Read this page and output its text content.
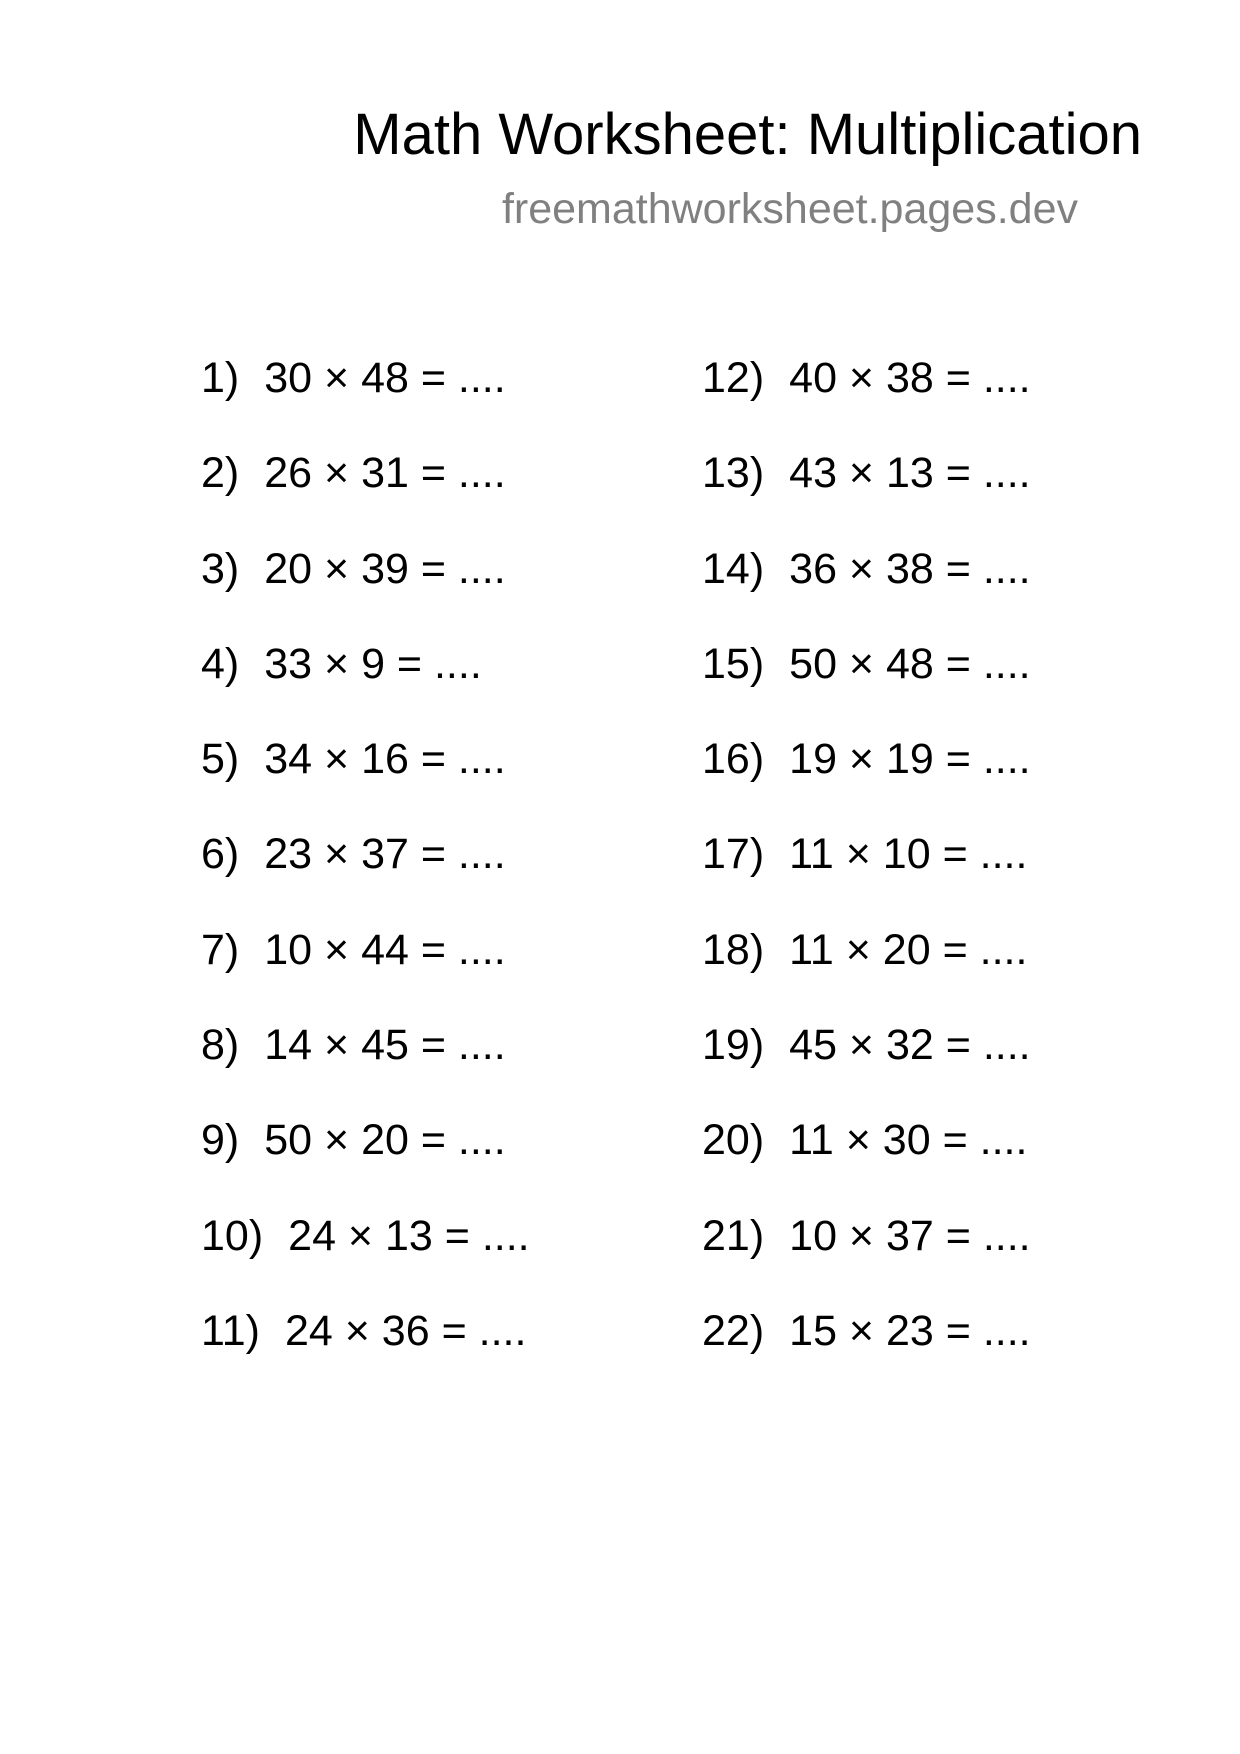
Math Worksheet: Multiplication
freemathworksheet.pages.dev
1) 30 × 48 = ....
2) 26 × 31 = ....
3) 20 × 39 = ....
4) 33 × 9 = ....
5) 34 × 16 = ....
6) 23 × 37 = ....
7) 10 × 44 = ....
8) 14 × 45 = ....
9) 50 × 20 = ....
10) 24 × 13 = ....
11) 24 × 36 = ....
12) 40 × 38 = ....
13) 43 × 13 = ....
14) 36 × 38 = ....
15) 50 × 48 = ....
16) 19 × 19 = ....
17) 11 × 10 = ....
18) 11 × 20 = ....
19) 45 × 32 = ....
20) 11 × 30 = ....
21) 10 × 37 = ....
22) 15 × 23 = ....
